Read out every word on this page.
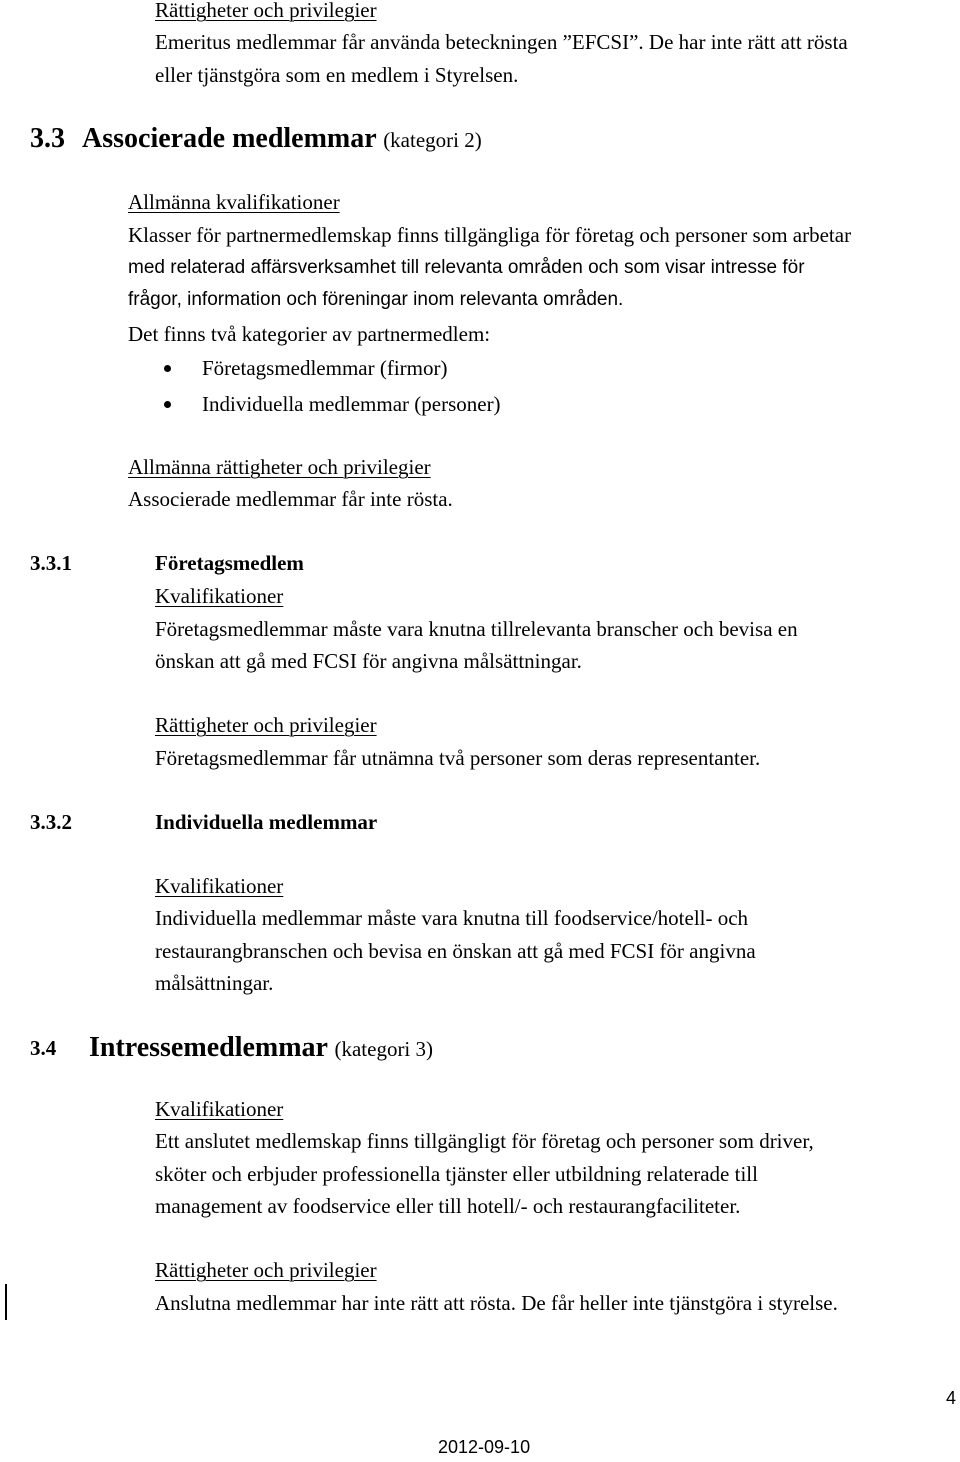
Rättigheter och privilegier
Emeritus medlemmar får använda beteckningen ”EFCSI”. De har inte rätt att rösta
eller tjänstgöra som en medlem i Styrelsen.
3.3 Associerade medlemmar (kategori 2)
Allmänna kvalifikationer
Klasser för partnermedlemskap finns tillgängliga för företag och personer som arbetar
med relaterad affärsverksamhet till relevanta områden och som visar intresse för
frågor, information och föreningar inom relevanta områden.
Det finns två kategorier av partnermedlem:
Företagsmedlemmar (firmor)
Individuella medlemmar (personer)
Allmänna rättigheter och privilegier
Associerade medlemmar får inte rösta.
3.3.1	Företagsmedlem
Kvalifikationer
Företagsmedlemmar måste vara knutna tillrelevanta branscher och bevisa en
önskan att gå med FCSI för angivna målsättningar.
Rättigheter och privilegier
Företagsmedlemmar får utnämna två personer som deras representanter.
3.3.2	Individuella medlemmar
Kvalifikationer
Individuella medlemmar måste vara knutna till foodservice/hotell- och
restaurangbranschen och bevisa en önskan att gå med FCSI för angivna
målsättningar.
3.4 Intressemedlemmar (kategori 3)
Kvalifikationer
Ett anslutet medlemskap finns tillgängligt för företag och personer som driver,
sköter och erbjuder professionella tjänster eller utbildning relaterade till
management av foodservice eller till hotell/- och restaurangfaciliteter.
Rättigheter och privilegier
Anslutna medlemmar har inte rätt att rösta. De får heller inte tjänstgöra i styrelse.
4
2012-09-10
